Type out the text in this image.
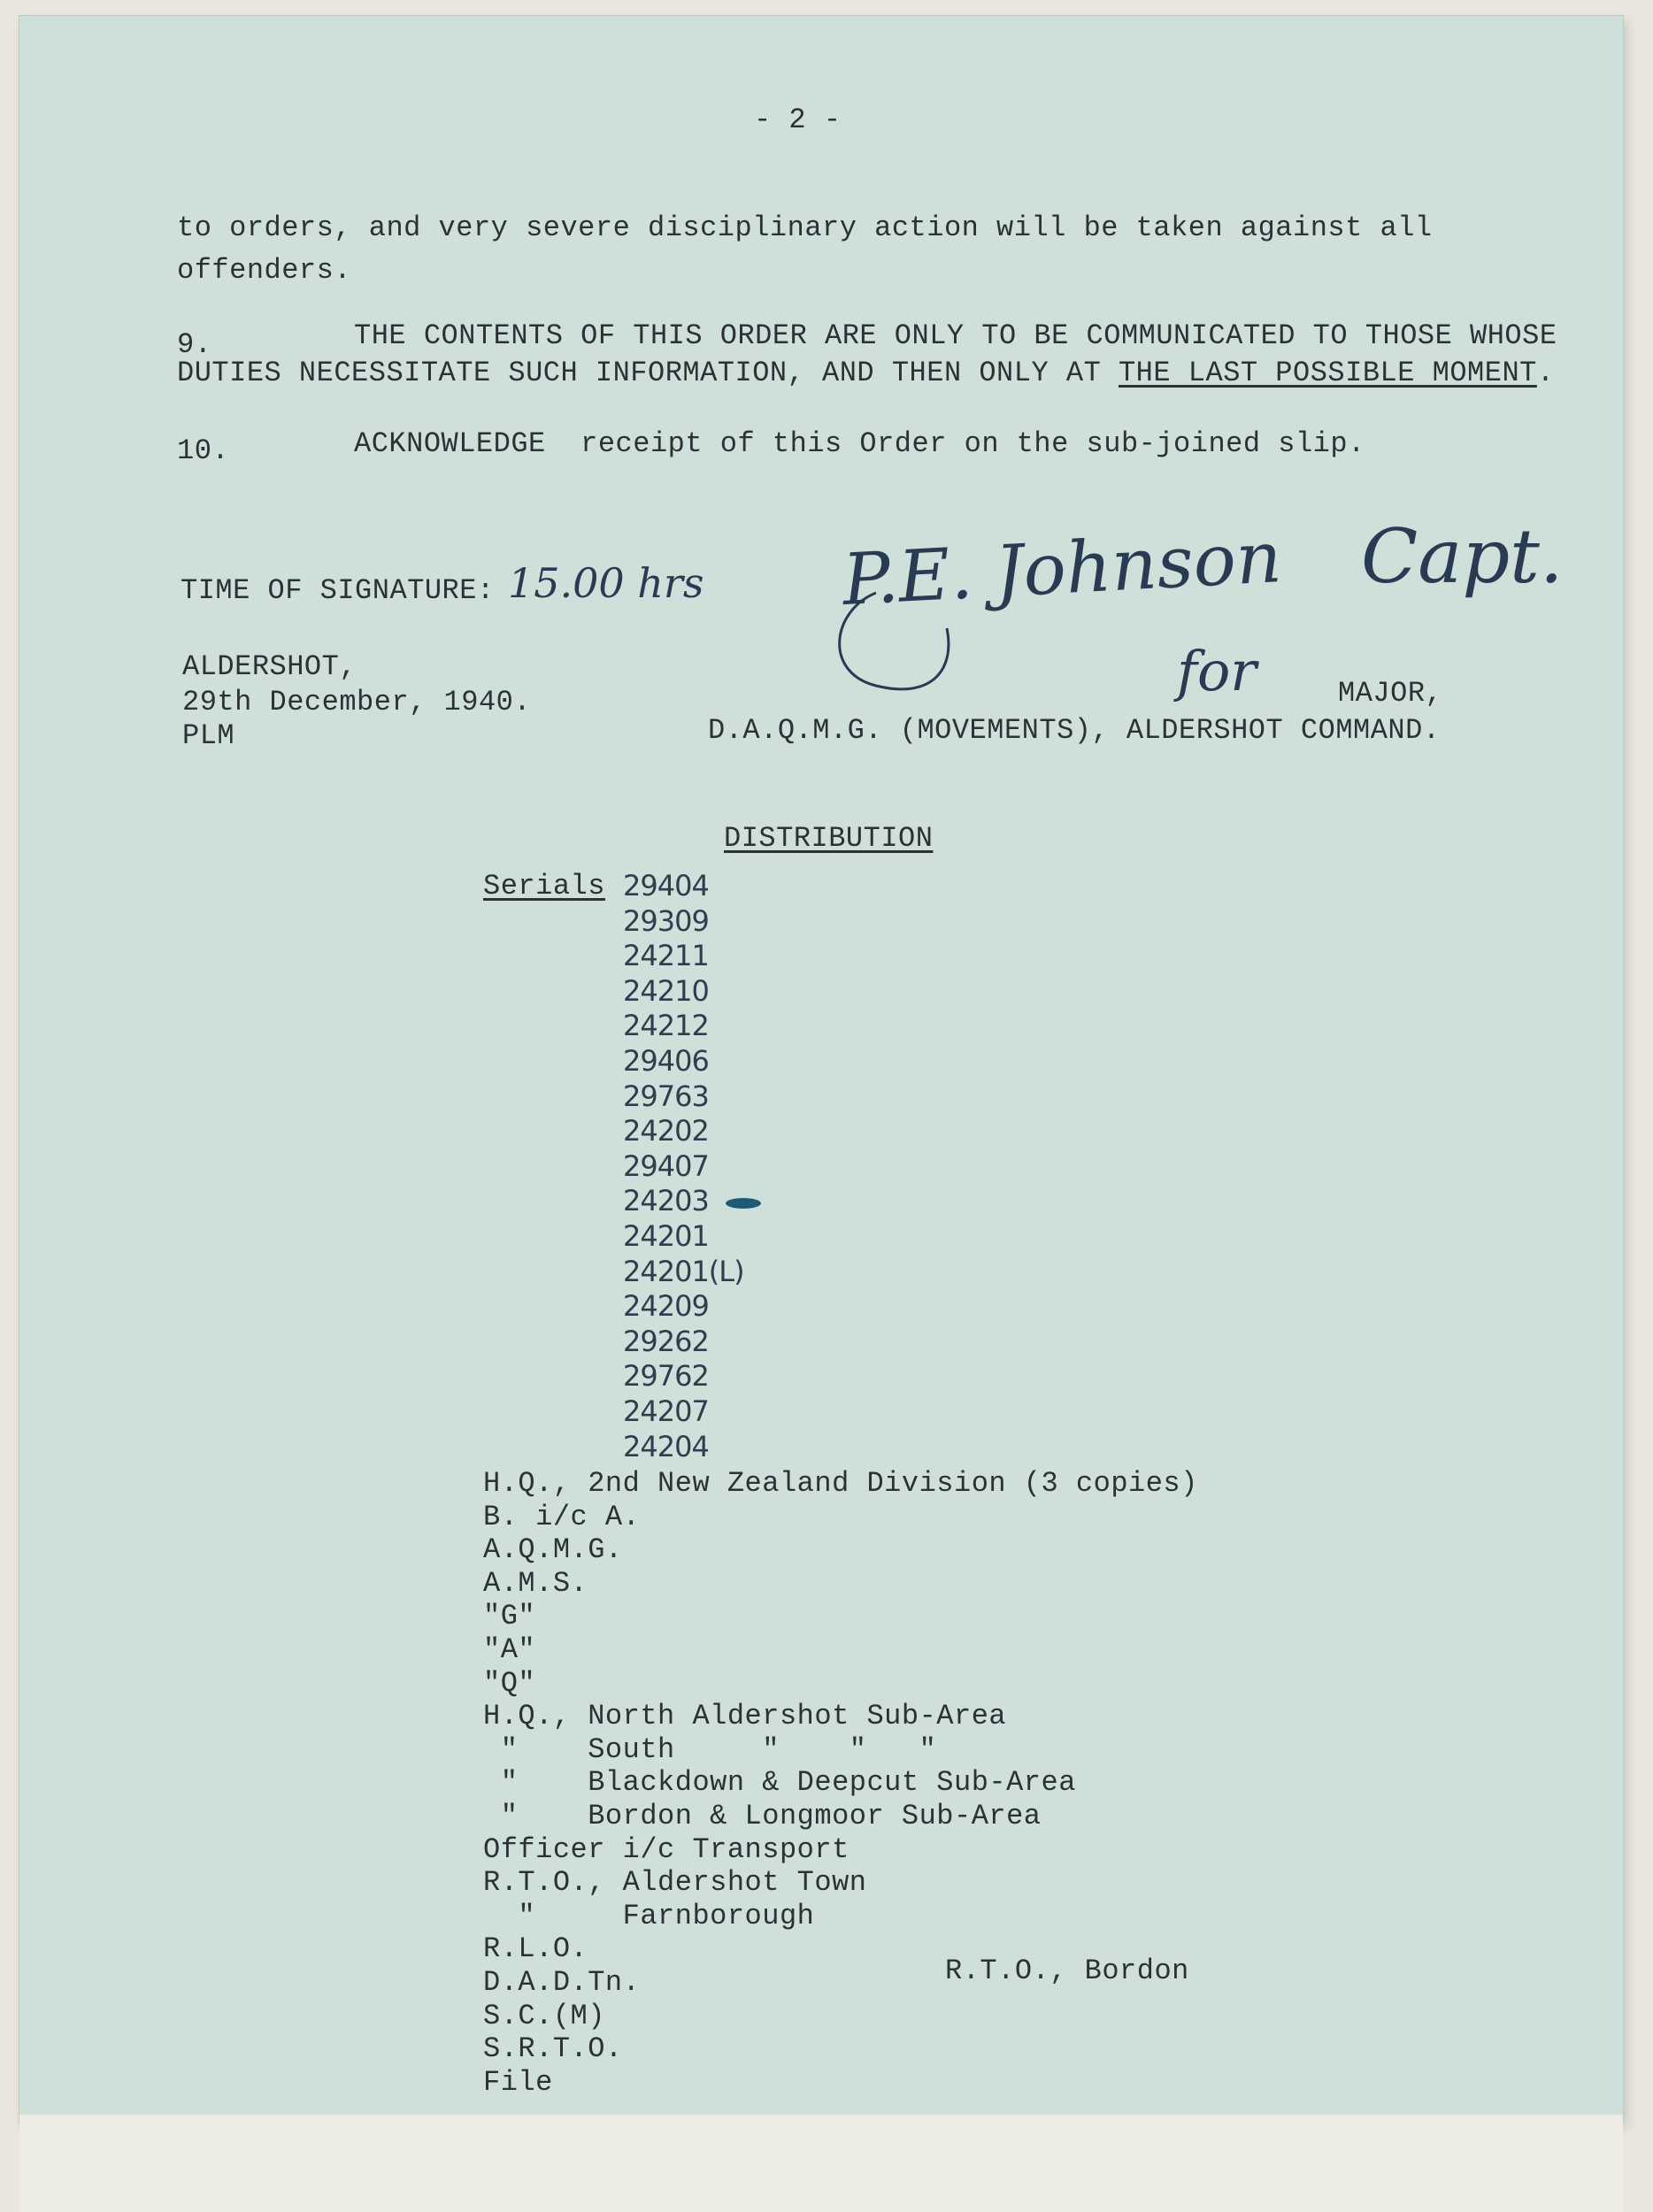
- 2 -
to orders, and very severe disciplinary action will be taken against all
offenders.
9.	THE CONTENTS OF THIS ORDER ARE ONLY TO BE COMMUNICATED TO THOSE WHOSE
DUTIES NECESSITATE SUCH INFORMATION, AND THEN ONLY AT THE LAST POSSIBLE MOMENT.
10.	ACKNOWLEDGE  receipt of this Order on the sub-joined slip.
TIME OF SIGNATURE: 15.00 hrs P.E. Johnson Capt.
for
ALDERSHOT,
29th December, 1940.
PLM
MAJOR,
D.A.Q.M.G. (MOVEMENTS), ALDERSHOT COMMAND.
DISTRIBUTION
Serials 29404
29309
24211
24210
24212
29406
29763
24202
29407
24203
24201
24201(L)
24209
29262
29762
24207
24204
H.Q., 2nd New Zealand Division (3 copies)
B. i/c A.
A.Q.M.G.
A.M.S.
"G"
"A"
"Q"
H.Q., North Aldershot Sub-Area
"    South     "    "   "
"    Blackdown & Deepcut Sub-Area
"    Bordon & Longmoor Sub-Area
Officer i/c Transport
R.T.O., Aldershot Town
"     Farnborough
R.L.O.
D.A.D.Tn.
S.C.(M)
S.R.T.O.
File
R.T.O., Bordon
